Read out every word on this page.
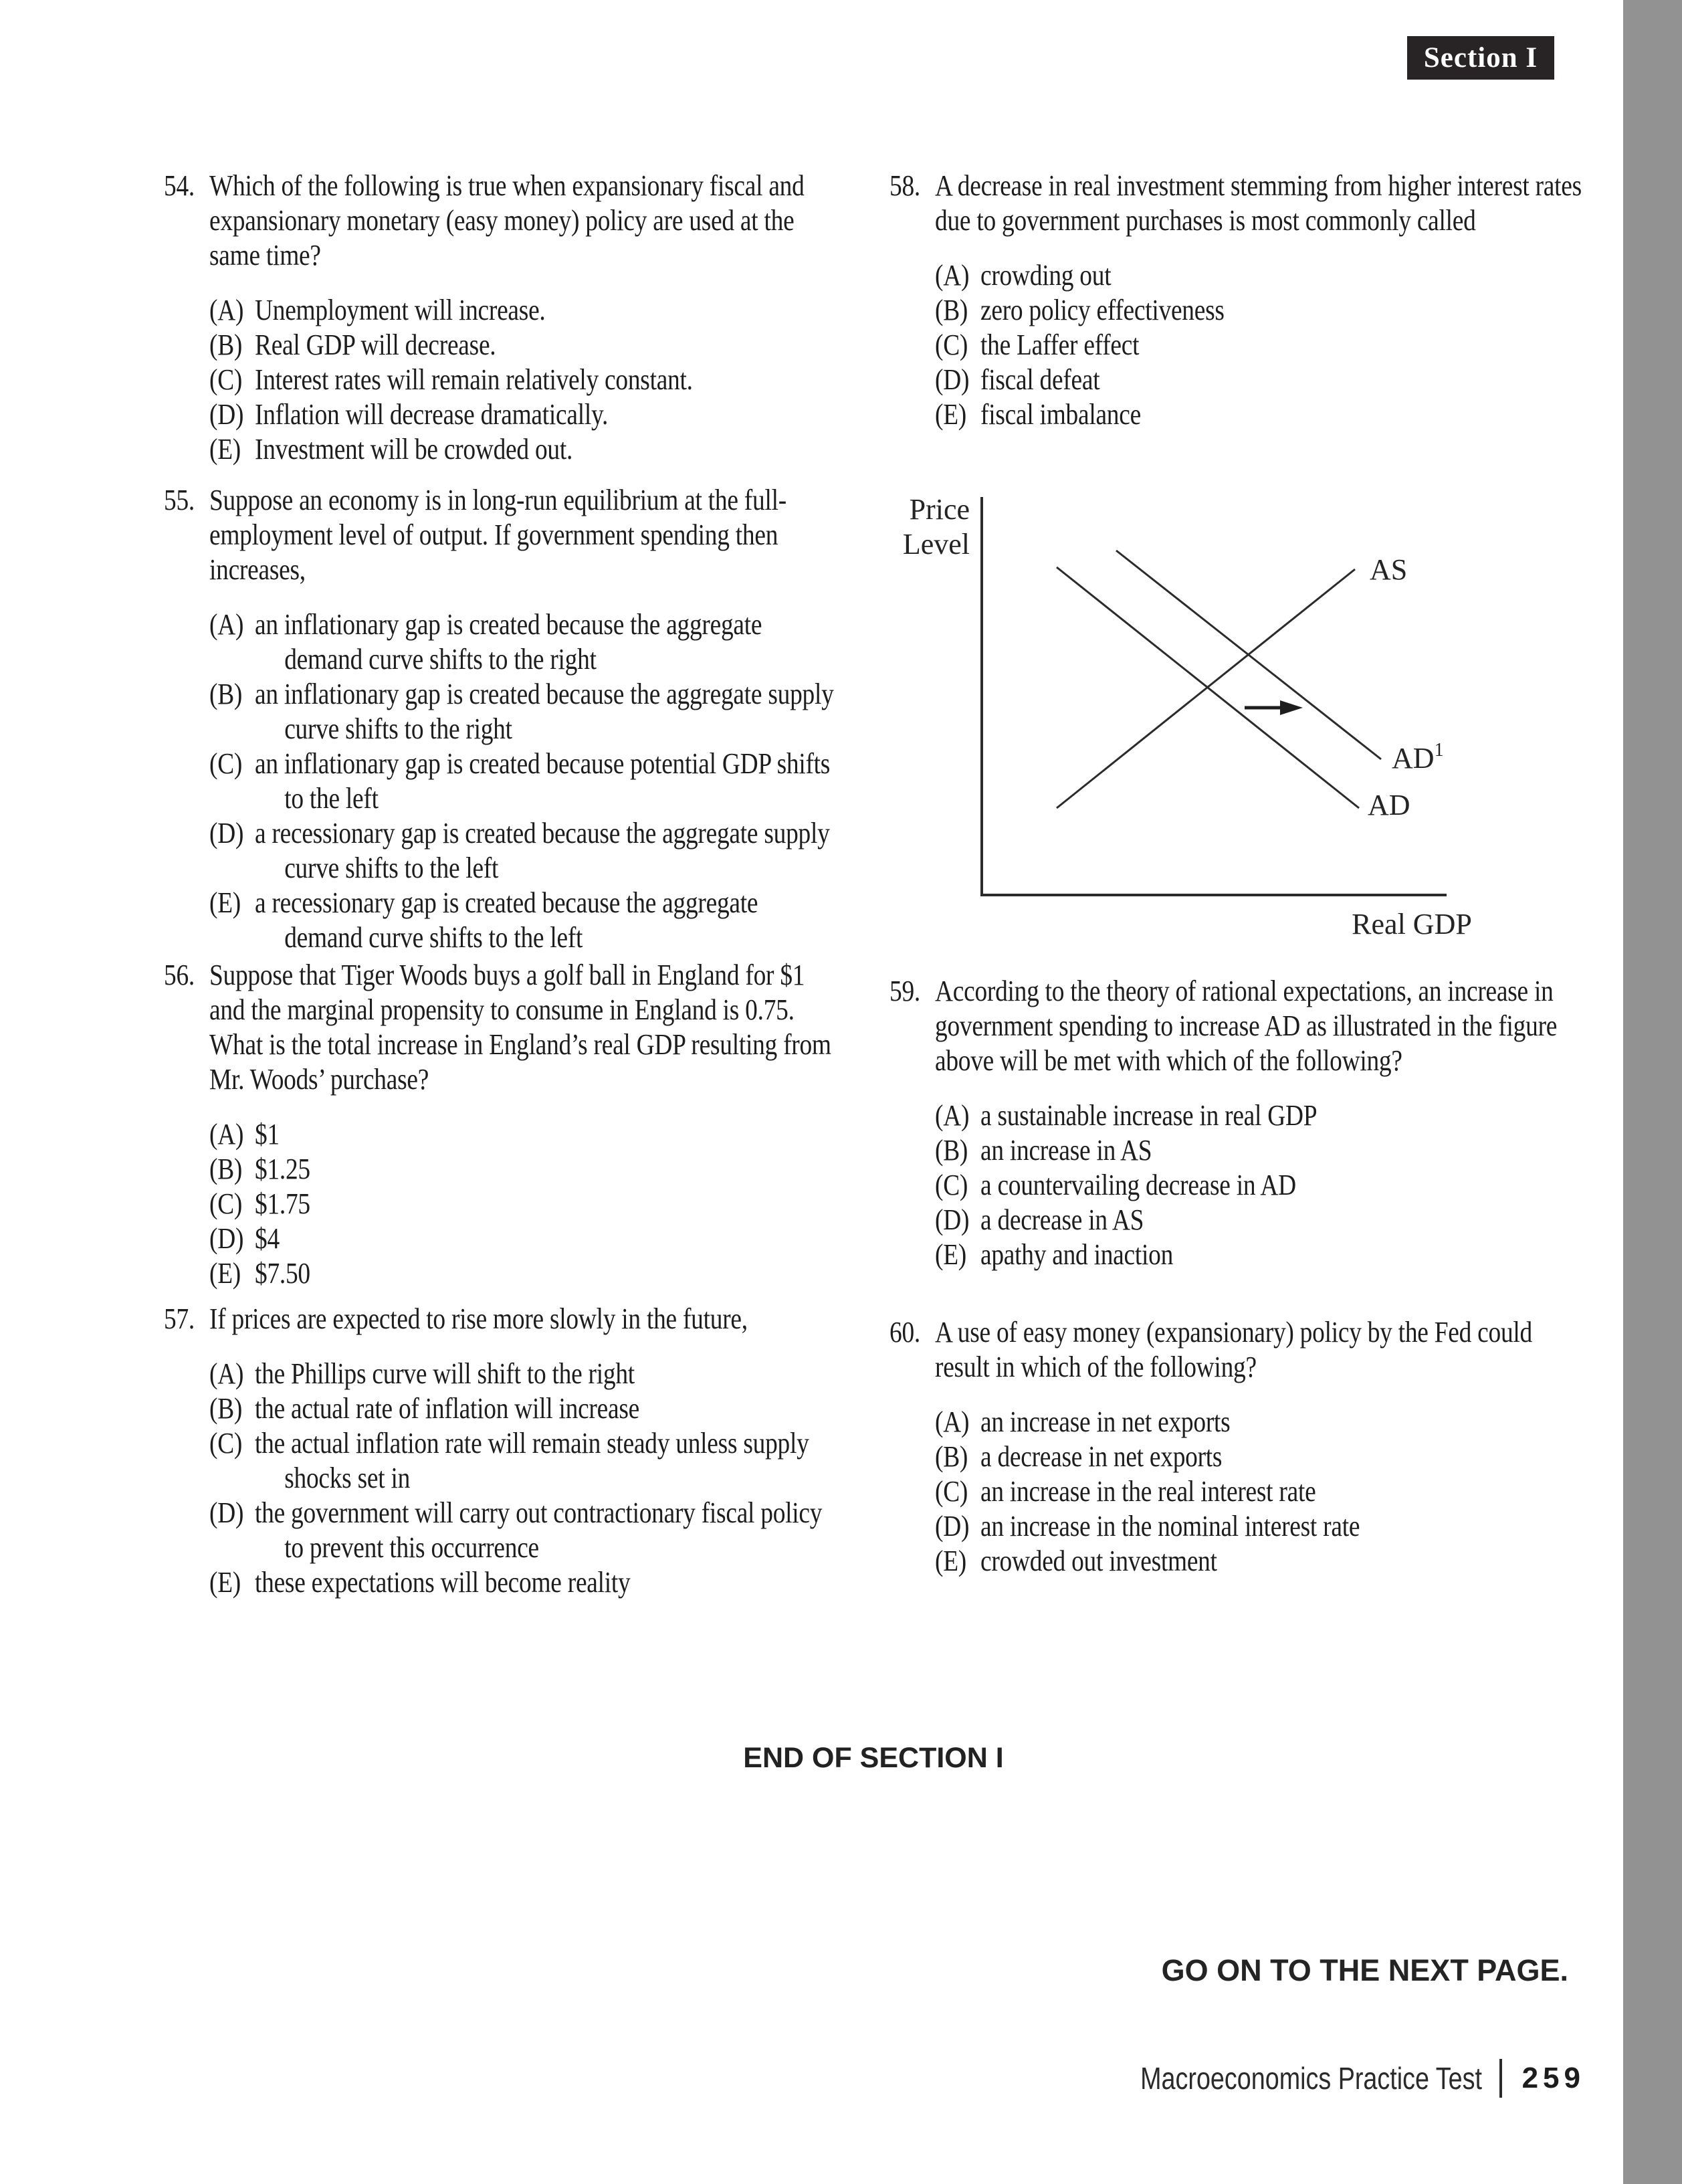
Section I
54. Which of the following is true when expansionary fiscal and expansionary monetary (easy money) policy are used at the same time?
(A) Unemployment will increase.
(B) Real GDP will decrease.
(C) Interest rates will remain relatively constant.
(D) Inflation will decrease dramatically.
(E) Investment will be crowded out.
55. Suppose an economy is in long-run equilibrium at the full-employment level of output. If government spending then increases,
(A) an inflationary gap is created because the aggregate demand curve shifts to the right
(B) an inflationary gap is created because the aggregate supply curve shifts to the right
(C) an inflationary gap is created because potential GDP shifts to the left
(D) a recessionary gap is created because the aggregate supply curve shifts to the left
(E) a recessionary gap is created because the aggregate demand curve shifts to the left
56. Suppose that Tiger Woods buys a golf ball in England for $1 and the marginal propensity to consume in England is 0.75. What is the total increase in England’s real GDP resulting from Mr. Woods’ purchase?
(A) $1
(B) $1.25
(C) $1.75
(D) $4
(E) $7.50
57. If prices are expected to rise more slowly in the future,
(A) the Phillips curve will shift to the right
(B) the actual rate of inflation will increase
(C) the actual inflation rate will remain steady unless supply shocks set in
(D) the government will carry out contractionary fiscal policy to prevent this occurrence
(E) these expectations will become reality
58. A decrease in real investment stemming from higher interest rates due to government purchases is most commonly called
(A) crowding out
(B) zero policy effectiveness
(C) the Laffer effect
(D) fiscal defeat
(E) fiscal imbalance
59. According to the theory of rational expectations, an increase in government spending to increase AD as illustrated in the figure above will be met with which of the following?
(A) a sustainable increase in real GDP
(B) an increase in AS
(C) a countervailing decrease in AD
(D) a decrease in AS
(E) apathy and inaction
60. A use of easy money (expansionary) policy by the Fed could result in which of the following?
(A) an increase in net exports
(B) a decrease in net exports
(C) an increase in the real interest rate
(D) an increase in the nominal interest rate
(E) crowded out investment
Price
Level
AS
$AD^1$
AD
Real GDP
END OF SECTION I
GO ON TO THE NEXT PAGE.
Macroeconomics Practice Test 259
